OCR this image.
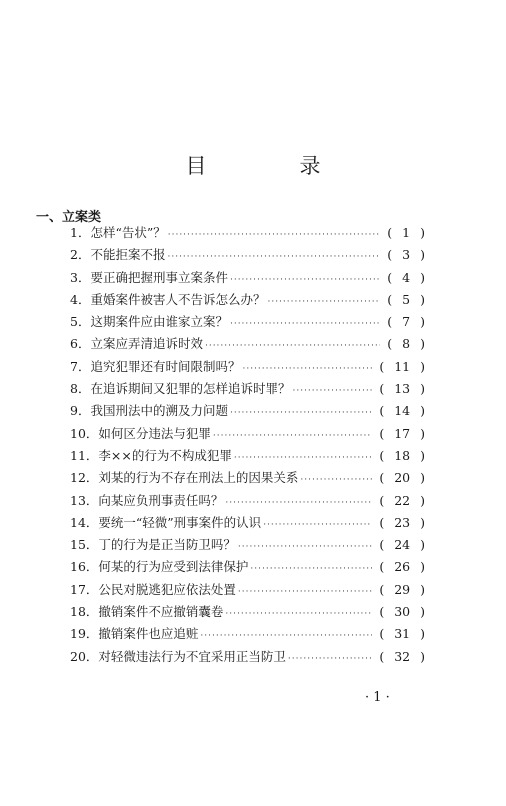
目　录
一、立案类
1．怎样“告状”？ ·····	( 1 )
2．不能拒案不报 ·····	( 3 )
3．要正确把握刑事立案条件 ·····	( 4 )
4．重婚案件被害人不告诉怎么办？ ·····	( 5 )
5．这期案件应由谁家立案？ ·····	( 7 )
6．立案应弄清追诉时效 ·····	( 8 )
7．追究犯罪还有时间限制吗？ ·····	( 11 )
8．在追诉期间又犯罪的怎样追诉时罪？ ·····	( 13 )
9．我国刑法中的溯及力问题 ·····	( 14 )
10．如何区分违法与犯罪 ·····	( 17 )
11．李××的行为不构成犯罪 ·····	( 18 )
12．刘某的行为不存在刑法上的因果关系 ·····	( 20 )
13．向某应负刑事责任吗？ ·····	( 22 )
14．要统一“轻微”刑事案件的认识 ·····	( 23 )
15．丁的行为是正当防卫吗？ ·····	( 24 )
16．何某的行为应受到法律保护 ·····	( 26 )
17．公民对脱逃犯应依法处置 ·····	( 29 )
18．撤销案件不应撤销囊卷 ·····	( 30 )
19．撤销案件也应追赃 ·····	( 31 )
20．对轻微违法行为不宜采用正当防卫 ·····	( 32 )
· 1 ·
